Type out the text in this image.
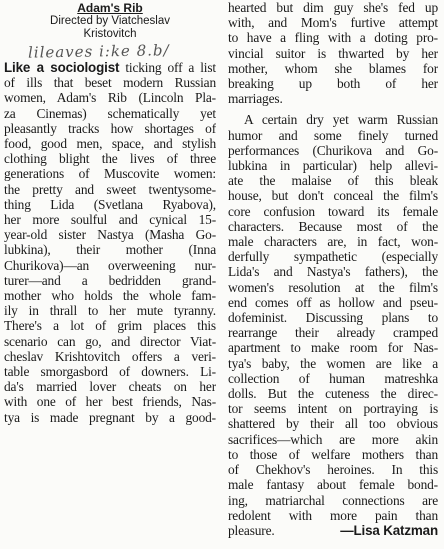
Adam's Rib
Directed by Viatcheslav
Kristovitch
lileaves i:ke 8.b/
Like a sociologist ticking off a list
of ills that beset modern Russian
women, Adam's Rib (Lincoln Pla-
za Cinemas) schematically yet
pleasantly tracks how shortages of
food, good men, space, and stylish
clothing blight the lives of three
generations of Muscovite women:
the pretty and sweet twentysome-
thing Lida (Svetlana Ryabova),
her more soulful and cynical 15-
year-old sister Nastya (Masha Go-
lubkina), their mother (Inna
Churikova)—an overweening nur-
turer—and a bedridden grand-
mother who holds the whole fam-
ily in thrall to her mute tyranny.
There's a lot of grim places this
scenario can go, and director Viat-
cheslav Krishtovitch offers a veri-
table smorgasbord of downers. Li-
da's married lover cheats on her
with one of her best friends, Nas-
tya is made pregnant by a good-
hearted but dim guy she's fed up
with, and Mom's furtive attempt
to have a fling with a doting pro-
vincial suitor is thwarted by her
mother, whom she blames for
breaking up both of her
marriages.
A certain dry yet warm Russian
humor and some finely turned
performances (Churikova and Go-
lubkina in particular) help allevi-
ate the malaise of this bleak
house, but don't conceal the film's
core confusion toward its female
characters. Because most of the
male characters are, in fact, won-
derfully sympathetic (especially
Lida's and Nastya's fathers), the
women's resolution at the film's
end comes off as hollow and pseu-
dofeminist. Discussing plans to
rearrange their already cramped
apartment to make room for Nas-
tya's baby, the women are like a
collection of human matreshka
dolls. But the cuteness the direc-
tor seems intent on portraying is
shattered by their all too obvious
sacrifices—which are more akin
to those of welfare mothers than
of Chekhov's heroines. In this
male fantasy about female bond-
ing, matriarchal connections are
redolent with more pain than
pleasure.	—Lisa Katzman
